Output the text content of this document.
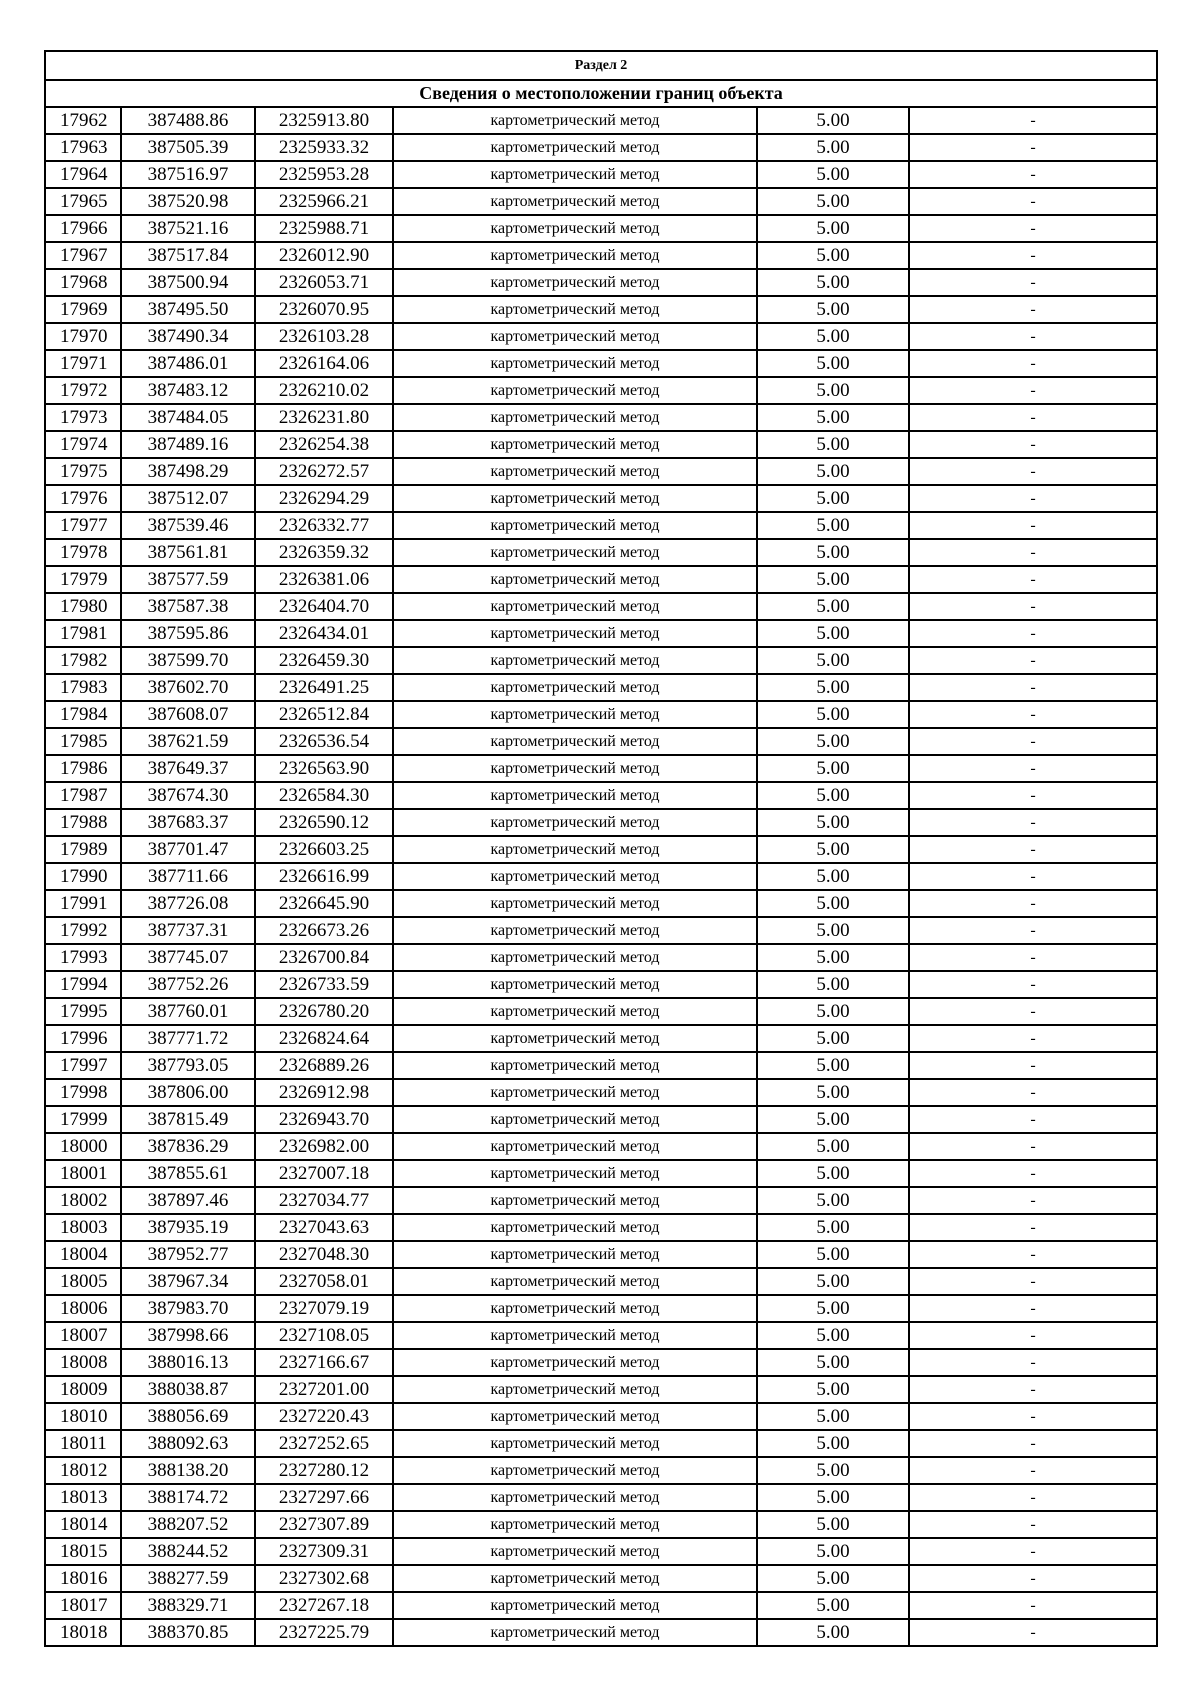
Раздел 2					
Сведения о местоположении границ объекта					
17962	387488.86	2325913.80	картометрический метод	5.00	-
17963	387505.39	2325933.32	картометрический метод	5.00	-
17964	387516.97	2325953.28	картометрический метод	5.00	-
17965	387520.98	2325966.21	картометрический метод	5.00	-
17966	387521.16	2325988.71	картометрический метод	5.00	-
17967	387517.84	2326012.90	картометрический метод	5.00	-
17968	387500.94	2326053.71	картометрический метод	5.00	-
17969	387495.50	2326070.95	картометрический метод	5.00	-
17970	387490.34	2326103.28	картометрический метод	5.00	-
17971	387486.01	2326164.06	картометрический метод	5.00	-
17972	387483.12	2326210.02	картометрический метод	5.00	-
17973	387484.05	2326231.80	картометрический метод	5.00	-
17974	387489.16	2326254.38	картометрический метод	5.00	-
17975	387498.29	2326272.57	картометрический метод	5.00	-
17976	387512.07	2326294.29	картометрический метод	5.00	-
17977	387539.46	2326332.77	картометрический метод	5.00	-
17978	387561.81	2326359.32	картометрический метод	5.00	-
17979	387577.59	2326381.06	картометрический метод	5.00	-
17980	387587.38	2326404.70	картометрический метод	5.00	-
17981	387595.86	2326434.01	картометрический метод	5.00	-
17982	387599.70	2326459.30	картометрический метод	5.00	-
17983	387602.70	2326491.25	картометрический метод	5.00	-
17984	387608.07	2326512.84	картометрический метод	5.00	-
17985	387621.59	2326536.54	картометрический метод	5.00	-
17986	387649.37	2326563.90	картометрический метод	5.00	-
17987	387674.30	2326584.30	картометрический метод	5.00	-
17988	387683.37	2326590.12	картометрический метод	5.00	-
17989	387701.47	2326603.25	картометрический метод	5.00	-
17990	387711.66	2326616.99	картометрический метод	5.00	-
17991	387726.08	2326645.90	картометрический метод	5.00	-
17992	387737.31	2326673.26	картометрический метод	5.00	-
17993	387745.07	2326700.84	картометрический метод	5.00	-
17994	387752.26	2326733.59	картометрический метод	5.00	-
17995	387760.01	2326780.20	картометрический метод	5.00	-
17996	387771.72	2326824.64	картометрический метод	5.00	-
17997	387793.05	2326889.26	картометрический метод	5.00	-
17998	387806.00	2326912.98	картометрический метод	5.00	-
17999	387815.49	2326943.70	картометрический метод	5.00	-
18000	387836.29	2326982.00	картометрический метод	5.00	-
18001	387855.61	2327007.18	картометрический метод	5.00	-
18002	387897.46	2327034.77	картометрический метод	5.00	-
18003	387935.19	2327043.63	картометрический метод	5.00	-
18004	387952.77	2327048.30	картометрический метод	5.00	-
18005	387967.34	2327058.01	картометрический метод	5.00	-
18006	387983.70	2327079.19	картометрический метод	5.00	-
18007	387998.66	2327108.05	картометрический метод	5.00	-
18008	388016.13	2327166.67	картометрический метод	5.00	-
18009	388038.87	2327201.00	картометрический метод	5.00	-
18010	388056.69	2327220.43	картометрический метод	5.00	-
18011	388092.63	2327252.65	картометрический метод	5.00	-
18012	388138.20	2327280.12	картометрический метод	5.00	-
18013	388174.72	2327297.66	картометрический метод	5.00	-
18014	388207.52	2327307.89	картометрический метод	5.00	-
18015	388244.52	2327309.31	картометрический метод	5.00	-
18016	388277.59	2327302.68	картометрический метод	5.00	-
18017	388329.71	2327267.18	картометрический метод	5.00	-
18018	388370.85	2327225.79	картометрический метод	5.00	-
